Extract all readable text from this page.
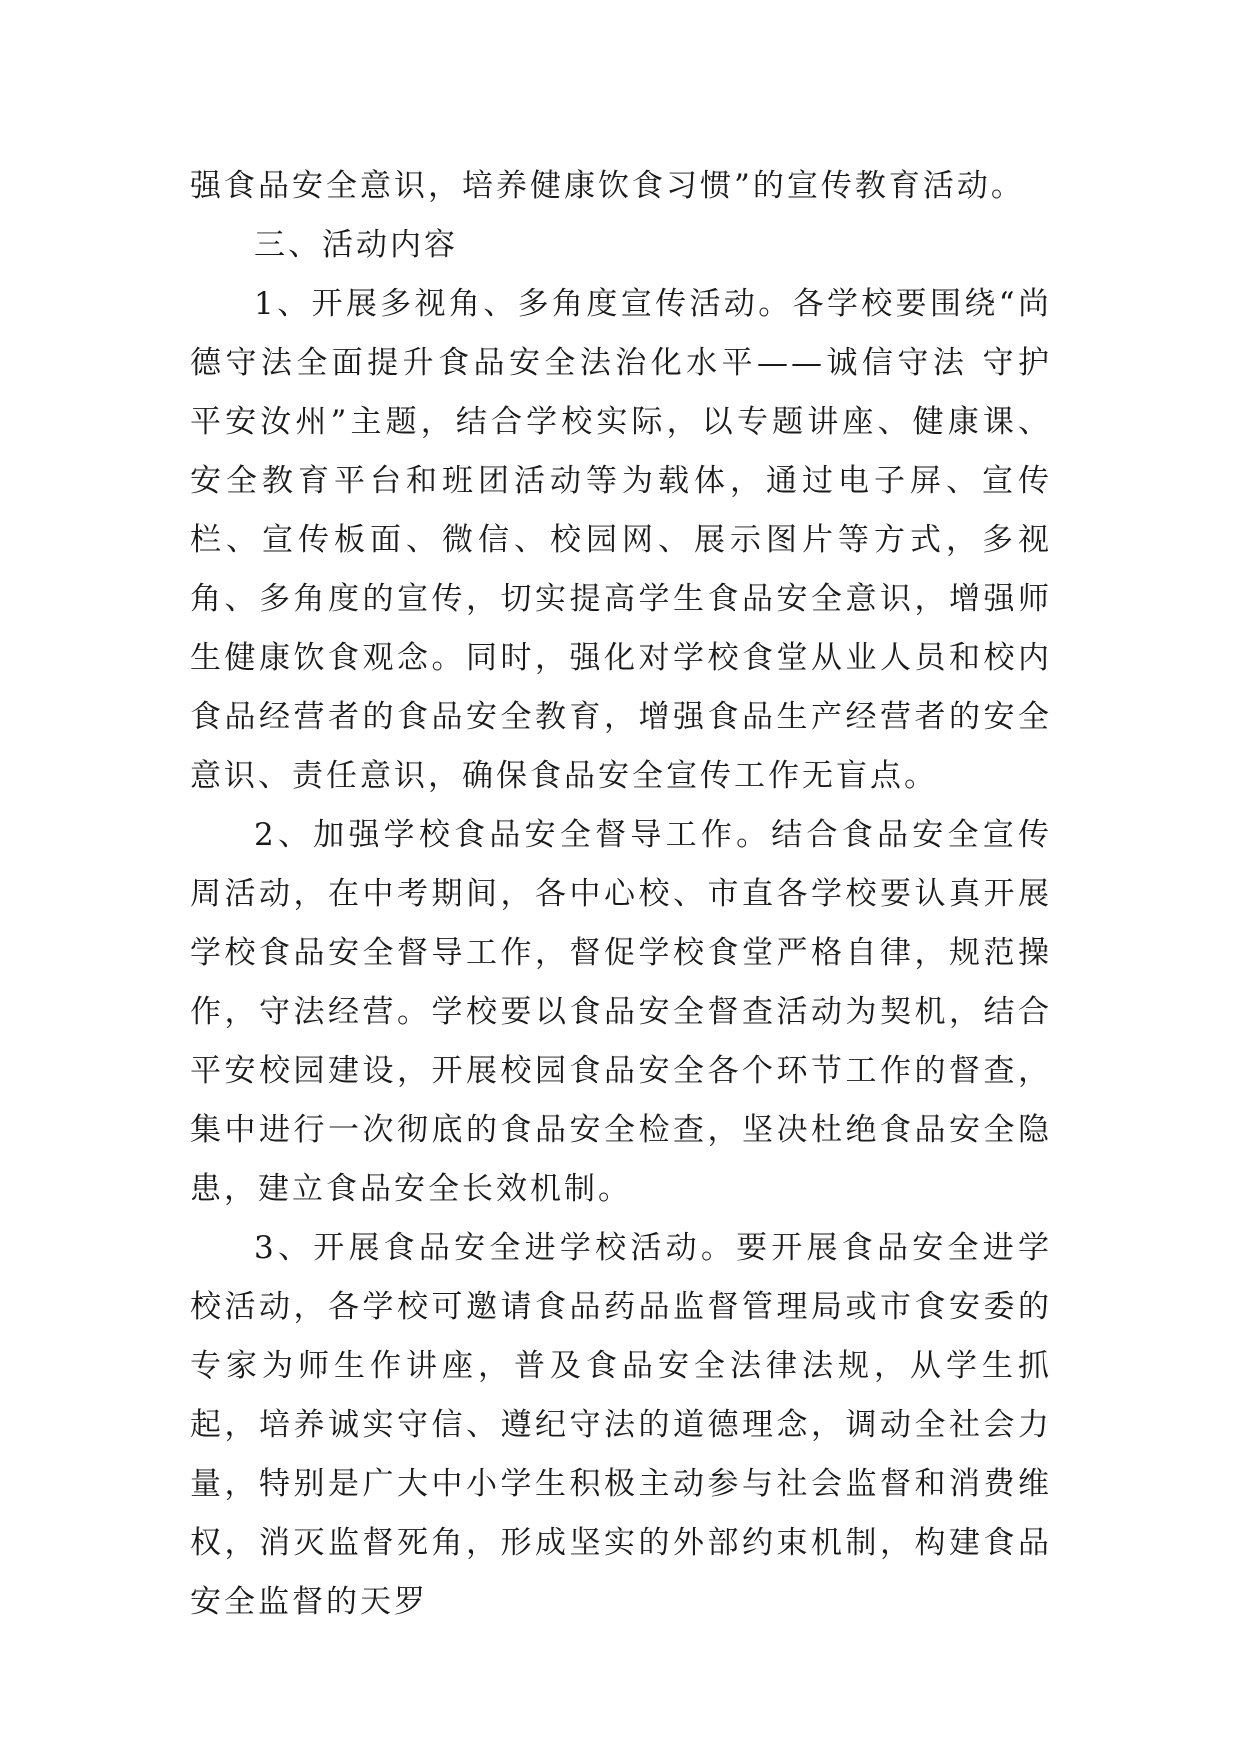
强食品安全意识，培养健康饮食习惯”的宣传教育活动。

三、活动内容

1、开展多视角、多角度宣传活动。各学校要围绕“尚德守法全面提升食品安全法治化水平——诚信守法 守护平安汝州”主题，结合学校实际，以专题讲座、健康课、安全教育平台和班团活动等为载体，通过电子屏、宣传栏、宣传板面、微信、校园网、展示图片等方式，多视角、多角度的宣传，切实提高学生食品安全意识，增强师生健康饮食观念。同时，强化对学校食堂从业人员和校内食品经营者的食品安全教育，增强食品生产经营者的安全意识、责任意识，确保食品安全宣传工作无盲点。

2、加强学校食品安全督导工作。结合食品安全宣传周活动，在中考期间，各中心校、市直各学校要认真开展学校食品安全督导工作，督促学校食堂严格自律，规范操作，守法经营。学校要以食品安全督查活动为契机，结合平安校园建设，开展校园食品安全各个环节工作的督查，集中进行一次彻底的食品安全检查，坚决杜绝食品安全隐患，建立食品安全长效机制。

3、开展食品安全进学校活动。要开展食品安全进学校活动，各学校可邀请食品药品监督管理局或市食安委的专家为师生作讲座，普及食品安全法律法规，从学生抓起，培养诚实守信、遵纪守法的道德理念，调动全社会力量，特别是广大中小学生积极主动参与社会监督和消费维权，消灭监督死角，形成坚实的外部约束机制，构建食品安全监督的天罗
